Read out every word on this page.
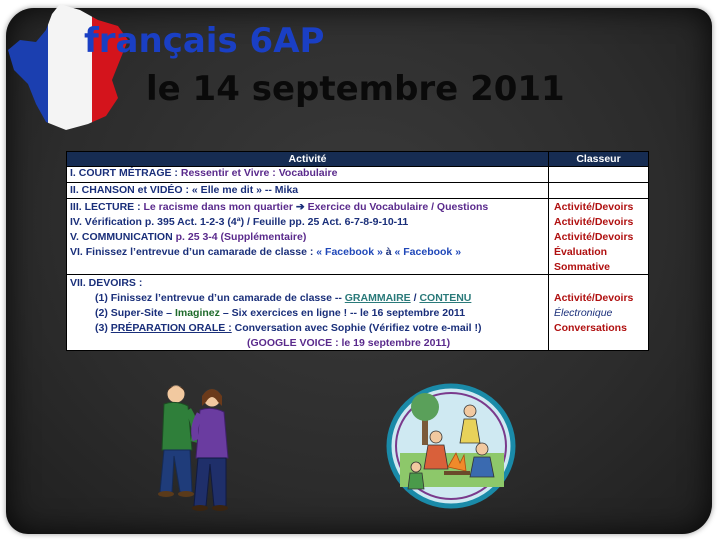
français 6AP
le 14 septembre 2011
Activité	Classeur
I. COURT MÉTRAGE : Ressentir et Vivre : Vocabulaire
II. CHANSON et VIDÉO : « Elle me dit » -- Mika
III. LECTURE : Le racisme dans mon quartier ➔ Exercice du Vocabulaire / Questions
IV. Vérification p. 395 Act. 1-2-3 (4ª) / Feuille pp. 25 Act. 6-7-8-9-10-11
V. COMMUNICATION p. 25 3-4 (Supplémentaire)
VI. Finissez l’entrevue d’un camarade de classe : « Facebook » à « Facebook »
VII. DEVOIRS :
(1) Finissez l’entrevue d’un camarade de classe -- GRAMMAIRE / CONTENU
(2) Super-Site – Imaginez – Six exercices en ligne ! -- le 16 septembre 2011
(3) PRÉPARATION ORALE : Conversation avec Sophie (Vérifiez votre e-mail !)
(GOOGLE VOICE : le 19 septembre 2011)
Activité/Devoirs
Activité/Devoirs
Activité/Devoirs
Évaluation
Sommative
Activité/Devoirs
Électronique
Conversations
